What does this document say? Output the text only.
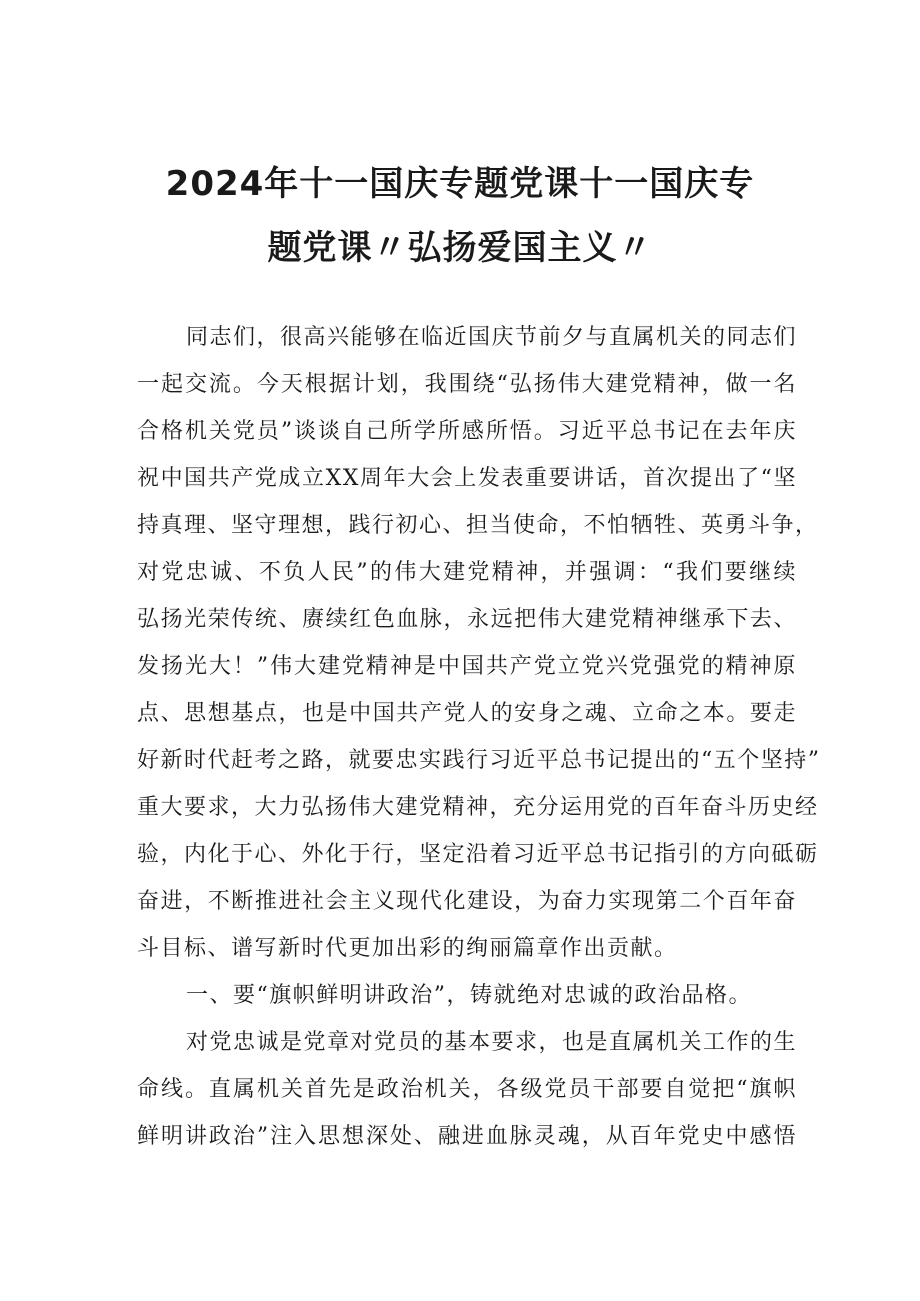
2024年十一国庆专题党课十一国庆专
题党课〃弘扬爱国主义〃
同志们，很高兴能够在临近国庆节前夕与直属机关的同志们
一起交流。今天根据计划，我围绕“弘扬伟大建党精神，做一名
合格机关党员”谈谈自己所学所感所悟。习近平总书记在去年庆
祝中国共产党成立XX周年大会上发表重要讲话，首次提出了“坚
持真理、坚守理想，践行初心、担当使命，不怕牺牲、英勇斗争，
对党忠诚、不负人民”的伟大建党精神，并强调：“我们要继续
弘扬光荣传统、赓续红色血脉，永远把伟大建党精神继承下去、
发扬光大！”伟大建党精神是中国共产党立党兴党强党的精神原
点、思想基点，也是中国共产党人的安身之魂、立命之本。要走
好新时代赶考之路，就要忠实践行习近平总书记提出的“五个坚持”
重大要求，大力弘扬伟大建党精神，充分运用党的百年奋斗历史经
验，内化于心、外化于行，坚定沿着习近平总书记指引的方向砥砺
奋进，不断推进社会主义现代化建设，为奋力实现第二个百年奋
斗目标、谱写新时代更加出彩的绚丽篇章作出贡献。
一、要“旗帜鲜明讲政治”，铸就绝对忠诚的政治品格。
对党忠诚是党章对党员的基本要求，也是直属机关工作的生
命线。直属机关首先是政治机关，各级党员干部要自觉把“旗帜
鲜明讲政治”注入思想深处、融进血脉灵魂，从百年党史中感悟
